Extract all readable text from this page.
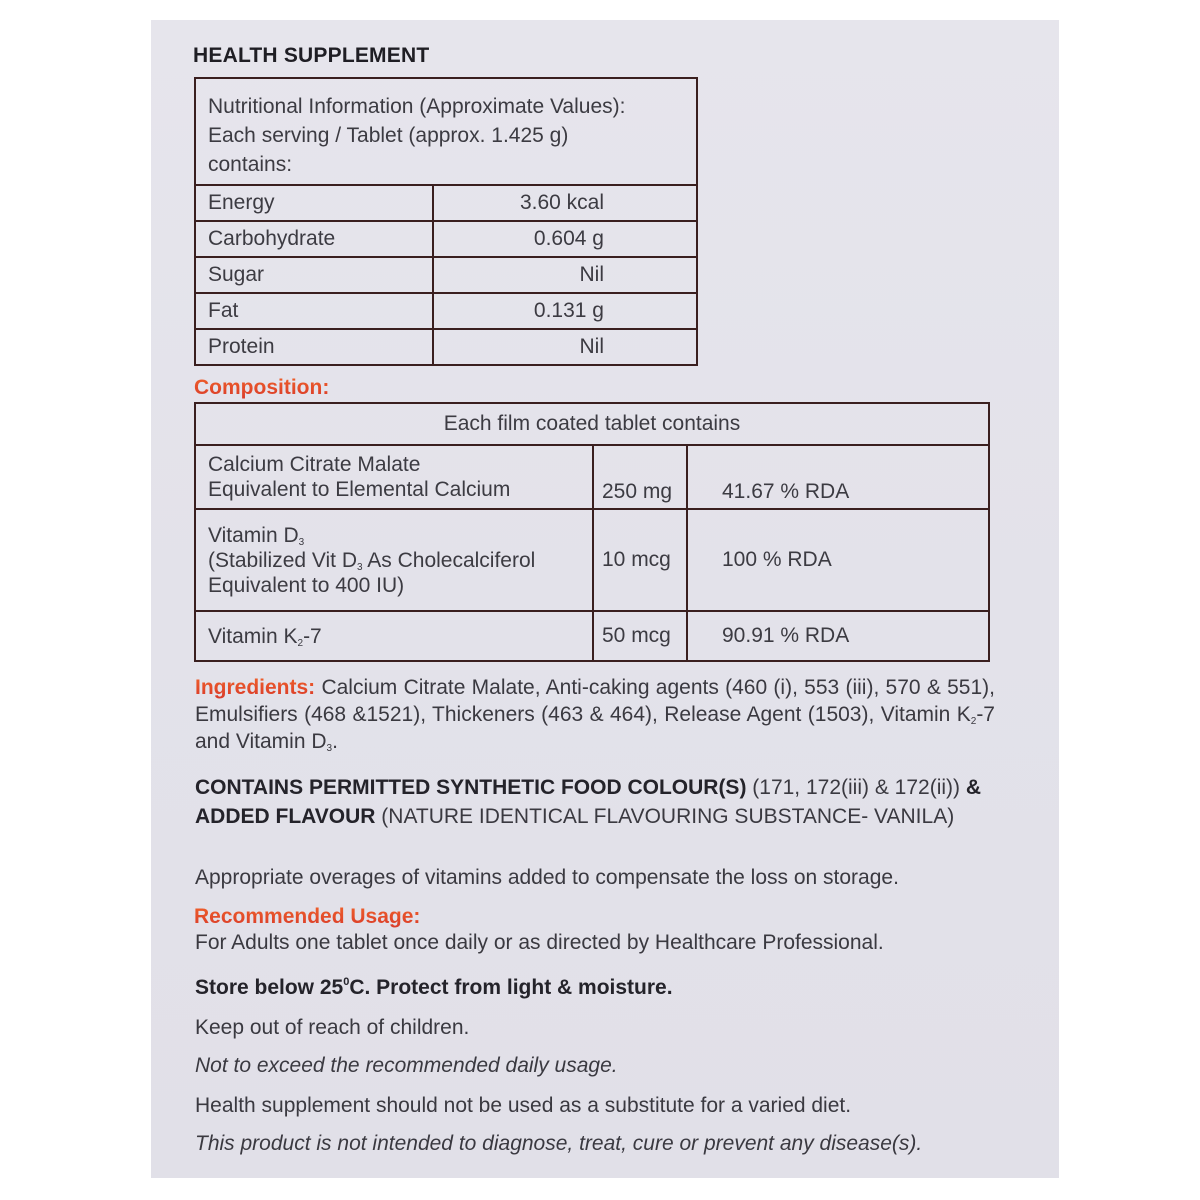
HEALTH SUPPLEMENT
Nutritional Information (Approximate Values):
Each serving / Tablet (approx. 1.425 g)
contains:	

Energy	3.60 kcal
Carbohydrate	0.604 g
Sugar	Nil
Fat	0.131 g
Protein	Nil
Composition:
Each film coated tablet contains		

Calcium Citrate Malate
Equivalent to Elemental Calcium	250 mg	41.67 % RDA

Vitamin $D_3$
(Stabilized Vit $D_3$ As Cholecalciferol
Equivalent to 400 IU)	10 mcg	100 % RDA
Vitamin $K_2-7$	50 mcg	90.91 % RDA
Ingredients: Calcium Citrate Malate, Anti-caking agents (460 (i), 553 (iii), 570 & 551), Emulsifiers (468 &1521), Thickeners (463 & 464), Release Agent (1503), Vitamin $K_2-7$ and Vitamin $D_3$.
CONTAINS PERMITTED SYNTHETIC FOOD COLOUR(S) (171, 172(iii) & 172(ii)) & ADDED FLAVOUR (NATURE IDENTICAL FLAVOURING SUBSTANCE- VANILA)
Appropriate overages of vitamins added to compensate the loss on storage.
Recommended Usage:
For Adults one tablet once daily or as directed by Healthcare Professional.
Store below $25^0C$. Protect from light & moisture.
Keep out of reach of children.
Not to exceed the recommended daily usage.
Health supplement should not be used as a substitute for a varied diet.
This product is not intended to diagnose, treat, cure or prevent any disease(s).
